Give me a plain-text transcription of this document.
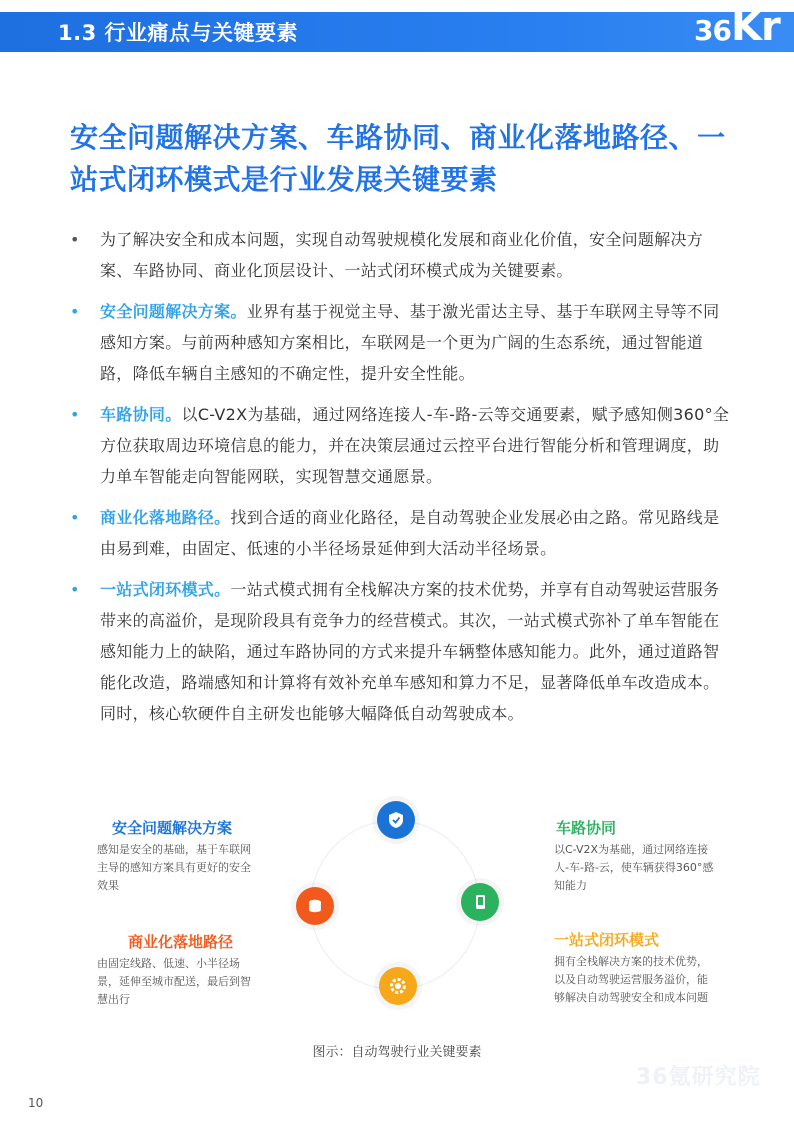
1.3 行业痛点与关键要素	36Kr
安全问题解决方案、车路协同、商业化落地路径、一站式闭环模式是行业发展关键要素
• 为了解决安全和成本问题，实现自动驾驶规模化发展和商业化价值，安全问题解决方案、车路协同、商业化顶层设计、一站式闭环模式成为关键要素。
• 安全问题解决方案。业界有基于视觉主导、基于激光雷达主导、基于车联网主导等不同感知方案。与前两种感知方案相比，车联网是一个更为广阔的生态系统，通过智能道路，降低车辆自主感知的不确定性，提升安全性能。
• 车路协同。以C-V2X为基础，通过网络连接人-车-路-云等交通要素，赋予感知侧360°全方位获取周边环境信息的能力，并在决策层通过云控平台进行智能分析和管理调度，助力单车智能走向智能网联，实现智慧交通愿景。
• 商业化落地路径。找到合适的商业化路径，是自动驾驶企业发展必由之路。常见路线是由易到难，由固定、低速的小半径场景延伸到大活动半径场景。
• 一站式闭环模式。一站式模式拥有全栈解决方案的技术优势，并享有自动驾驶运营服务带来的高溢价，是现阶段具有竞争力的经营模式。其次，一站式模式弥补了单车智能在感知能力上的缺陷，通过车路协同的方式来提升车辆整体感知能力。此外，通过道路智能化改造，路端感知和计算将有效补充单车感知和算力不足，显著降低单车改造成本。同时，核心软硬件自主研发也能够大幅降低自动驾驶成本。
安全问题解决方案
感知是安全的基础，基于车联网主导的感知方案具有更好的安全效果
车路协同
以C-V2X为基础，通过网络连接人-车-路-云，使车辆获得360°感知能力
商业化落地路径
由固定线路、低速、小半径场景，延伸至城市配送，最后到智慧出行
一站式闭环模式
拥有全栈解决方案的技术优势，以及自动驾驶运营服务溢价，能够解决自动驾驶安全和成本问题
图示：自动驾驶行业关键要素
36氪研究院
10
